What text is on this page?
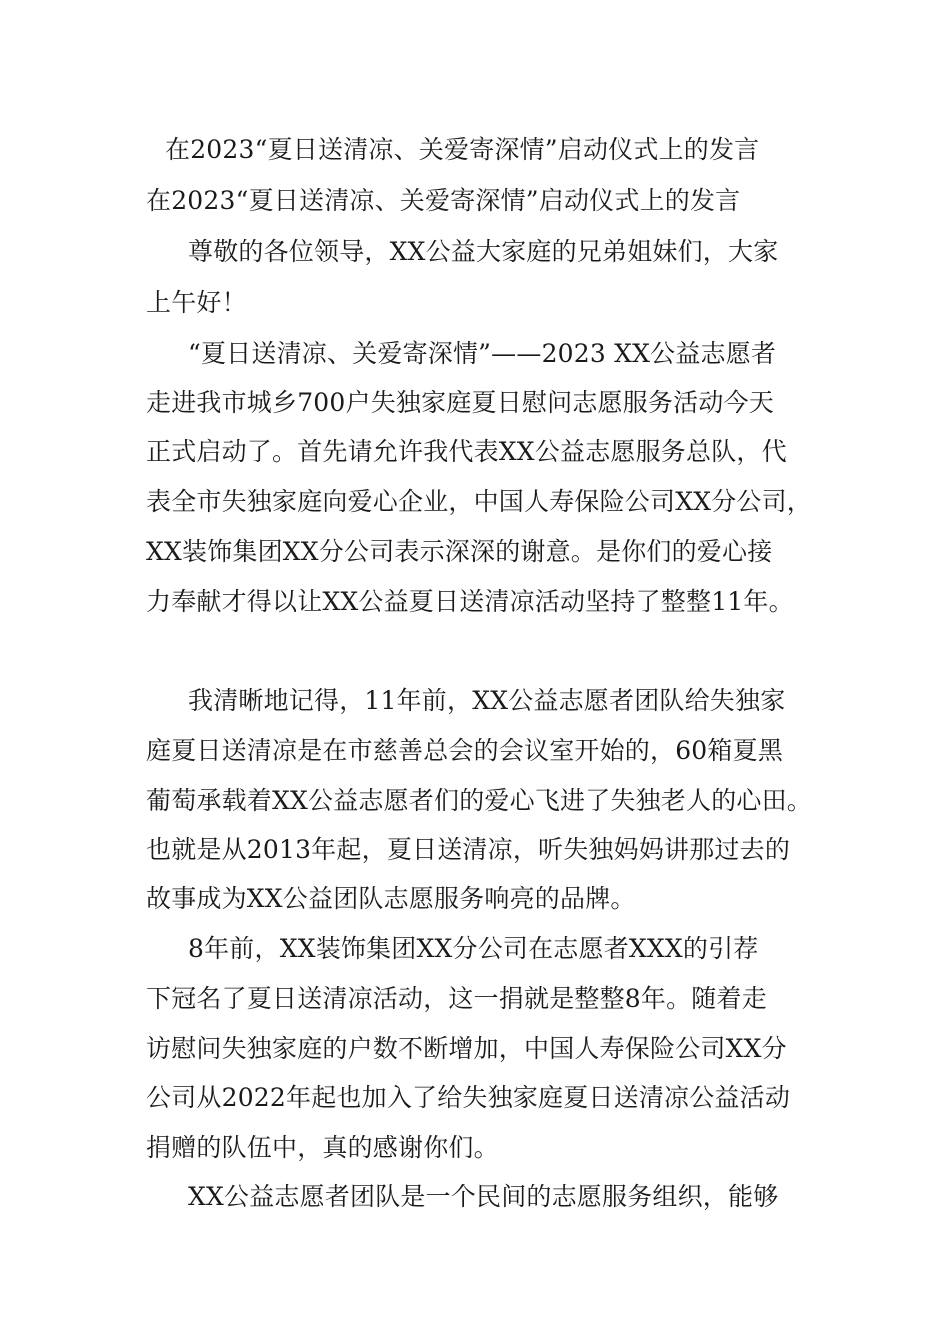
在2023“夏日送清凉、关爱寄深情”启动仪式上的发言
在2023“夏日送清凉、关爱寄深情”启动仪式上的发言
尊敬的各位领导，XX公益大家庭的兄弟姐妹们，大家
上午好！
“夏日送清凉、关爱寄深情”——2023 XX公益志愿者
走进我市城乡700户失独家庭夏日慰问志愿服务活动今天
正式启动了。首先请允许我代表XX公益志愿服务总队，代
表全市失独家庭向爱心企业，中国人寿保险公司XX分公司，
XX装饰集团XX分公司表示深深的谢意。是你们的爱心接
力奉献才得以让XX公益夏日送清凉活动坚持了整整11年。
我清晰地记得，11年前，XX公益志愿者团队给失独家
庭夏日送清凉是在市慈善总会的会议室开始的，60箱夏黑
葡萄承载着XX公益志愿者们的爱心飞进了失独老人的心田。
也就是从2013年起，夏日送清凉，听失独妈妈讲那过去的
故事成为XX公益团队志愿服务响亮的品牌。
8年前，XX装饰集团XX分公司在志愿者XXX的引荐
下冠名了夏日送清凉活动，这一捐就是整整8年。随着走
访慰问失独家庭的户数不断增加，中国人寿保险公司XX分
公司从2022年起也加入了给失独家庭夏日送清凉公益活动
捐赠的队伍中，真的感谢你们。
XX公益志愿者团队是一个民间的志愿服务组织，能够
